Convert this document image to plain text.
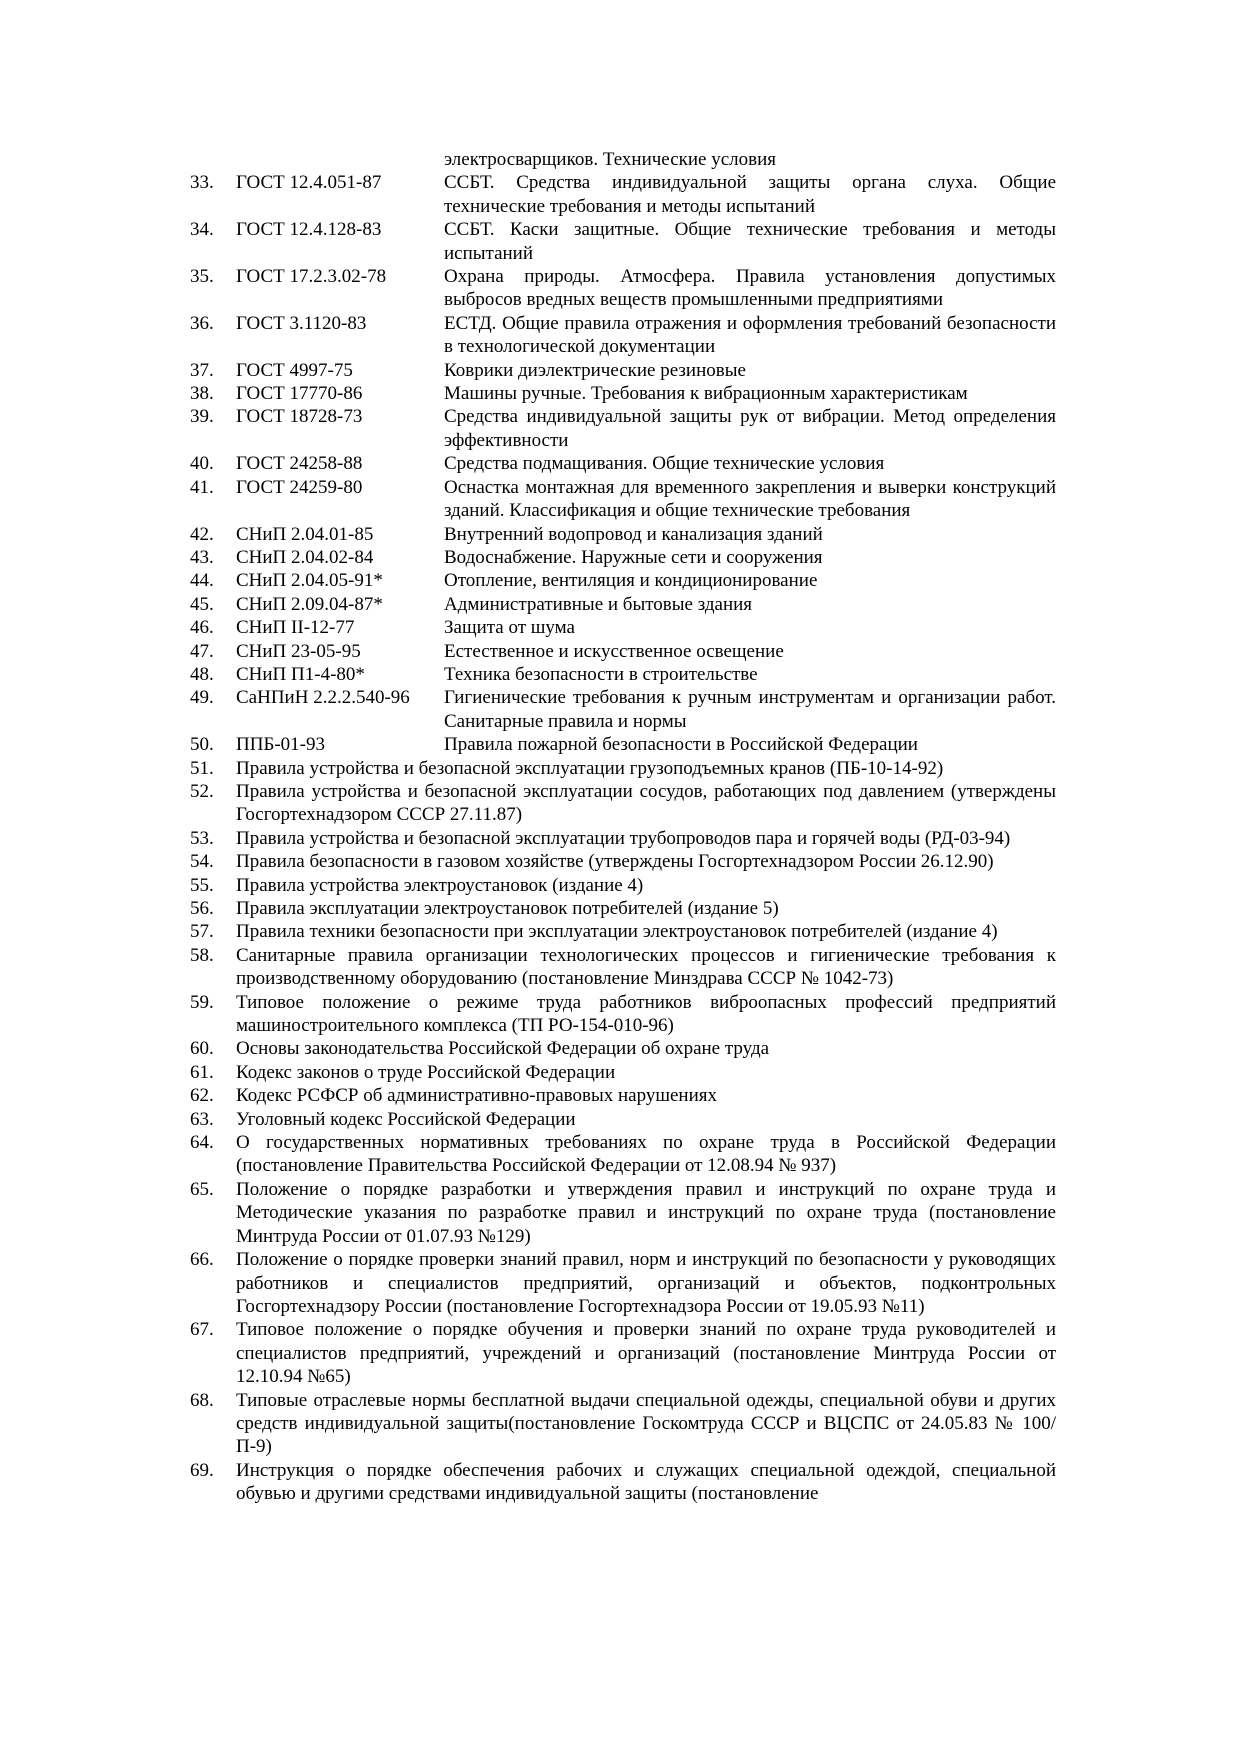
электросварщиков. Технические условия
33.	ГОСТ 12.4.051-87	ССБТ. Средства индивидуальной защиты органа слуха. Общие технические требования и методы испытаний
34.	ГОСТ 12.4.128-83	ССБТ. Каски защитные. Общие технические требования и методы испытаний
35.	ГОСТ 17.2.3.02-78	Охрана природы. Атмосфера. Правила установления допустимых выбросов вредных веществ промышленными предприятиями
36.	ГОСТ 3.1120-83	ЕСТД. Общие правила отражения и оформления требований безопасности в технологической документации
37.	ГОСТ 4997-75	Коврики диэлектрические резиновые
38.	ГОСТ 17770-86	Машины ручные. Требования к вибрационным характеристикам
39.	ГОСТ 18728-73	Средства индивидуальной защиты рук от вибрации. Метод определения эффективности
40.	ГОСТ 24258-88	Средства подмащивания. Общие технические условия
41.	ГОСТ 24259-80	Оснастка монтажная для временного закрепления и выверки конструкций зданий. Классификация и общие технические требования
42.	СНиП 2.04.01-85	Внутренний водопровод и канализация зданий
43.	СНиП 2.04.02-84	Водоснабжение. Наружные сети и сооружения
44.	СНиП 2.04.05-91*	Отопление, вентиляция и кондиционирование
45.	СНиП 2.09.04-87*	Административные и бытовые здания
46.	СНиП II-12-77	Защита от шума
47.	СНиП 23-05-95	Естественное и искусственное освещение
48.	СНиП П1-4-80*	Техника безопасности в строительстве
49.	СаНПиН 2.2.2.540-96 Гигиенические требования к ручным инструментам и организации работ. Санитарные правила и нормы
50.	ППБ-01-93	Правила пожарной безопасности в Российской Федерации
51.	Правила устройства и безопасной эксплуатации грузоподъемных кранов (ПБ-10-14-92)
52.	Правила устройства и безопасной эксплуатации сосудов, работающих под давлением (утверждены Госгортехнадзором СССР 27.11.87)
53.	Правила устройства и безопасной эксплуатации трубопроводов пара и горячей воды (РД-03-94)
54.	Правила безопасности в газовом хозяйстве (утверждены Госгортехнадзором России 26.12.90)
55.	Правила устройства электроустановок (издание 4)
56.	Правила эксплуатации электроустановок потребителей (издание 5)
57.	Правила техники безопасности при эксплуатации электроустановок потребителей (издание 4)
58.	Санитарные правила организации технологических процессов и гигиенические требования к производственному оборудованию (постановление Минздрава СССР № 1042-73)
59.	Типовое положение о режиме труда работников виброопасных профессий предприятий машиностроительного комплекса (ТП РО-154-010-96)
60.	Основы законодательства Российской Федерации об охране труда
61.	Кодекс законов о труде Российской Федерации
62.	Кодекс РСФСР об административно-правовых нарушениях
63.	Уголовный кодекс Российской Федерации
64.	О государственных нормативных требованиях по охране труда в Российской Федерации (постановление Правительства Российской Федерации от 12.08.94 № 937)
65.	Положение о порядке разработки и утверждения правил и инструкций по охране труда и Методические указания по разработке правил и инструкций по охране труда (постановление Минтруда России от 01.07.93 №129)
66.	Положение о порядке проверки знаний правил, норм и инструкций по безопасности у руководящих работников и специалистов предприятий, организаций и объектов, подконтрольных Госгортехнадзору России (постановление Госгортехнадзора России от 19.05.93 №11)
67.	Типовое положение о порядке обучения и проверки знаний по охране труда руководителей и специалистов предприятий, учреждений и организаций (постановление Минтруда России от 12.10.94 №65)
68.	Типовые отраслевые нормы бесплатной выдачи специальной одежды, специальной обуви и других средств индивидуальной защиты(постановление Госкомтруда СССР и ВЦСПС от 24.05.83 № 100/П-9)
69.	Инструкция о порядке обеспечения рабочих и служащих специальной одеждой, специальной обувью и другими средствами индивидуальной защиты (постановление
